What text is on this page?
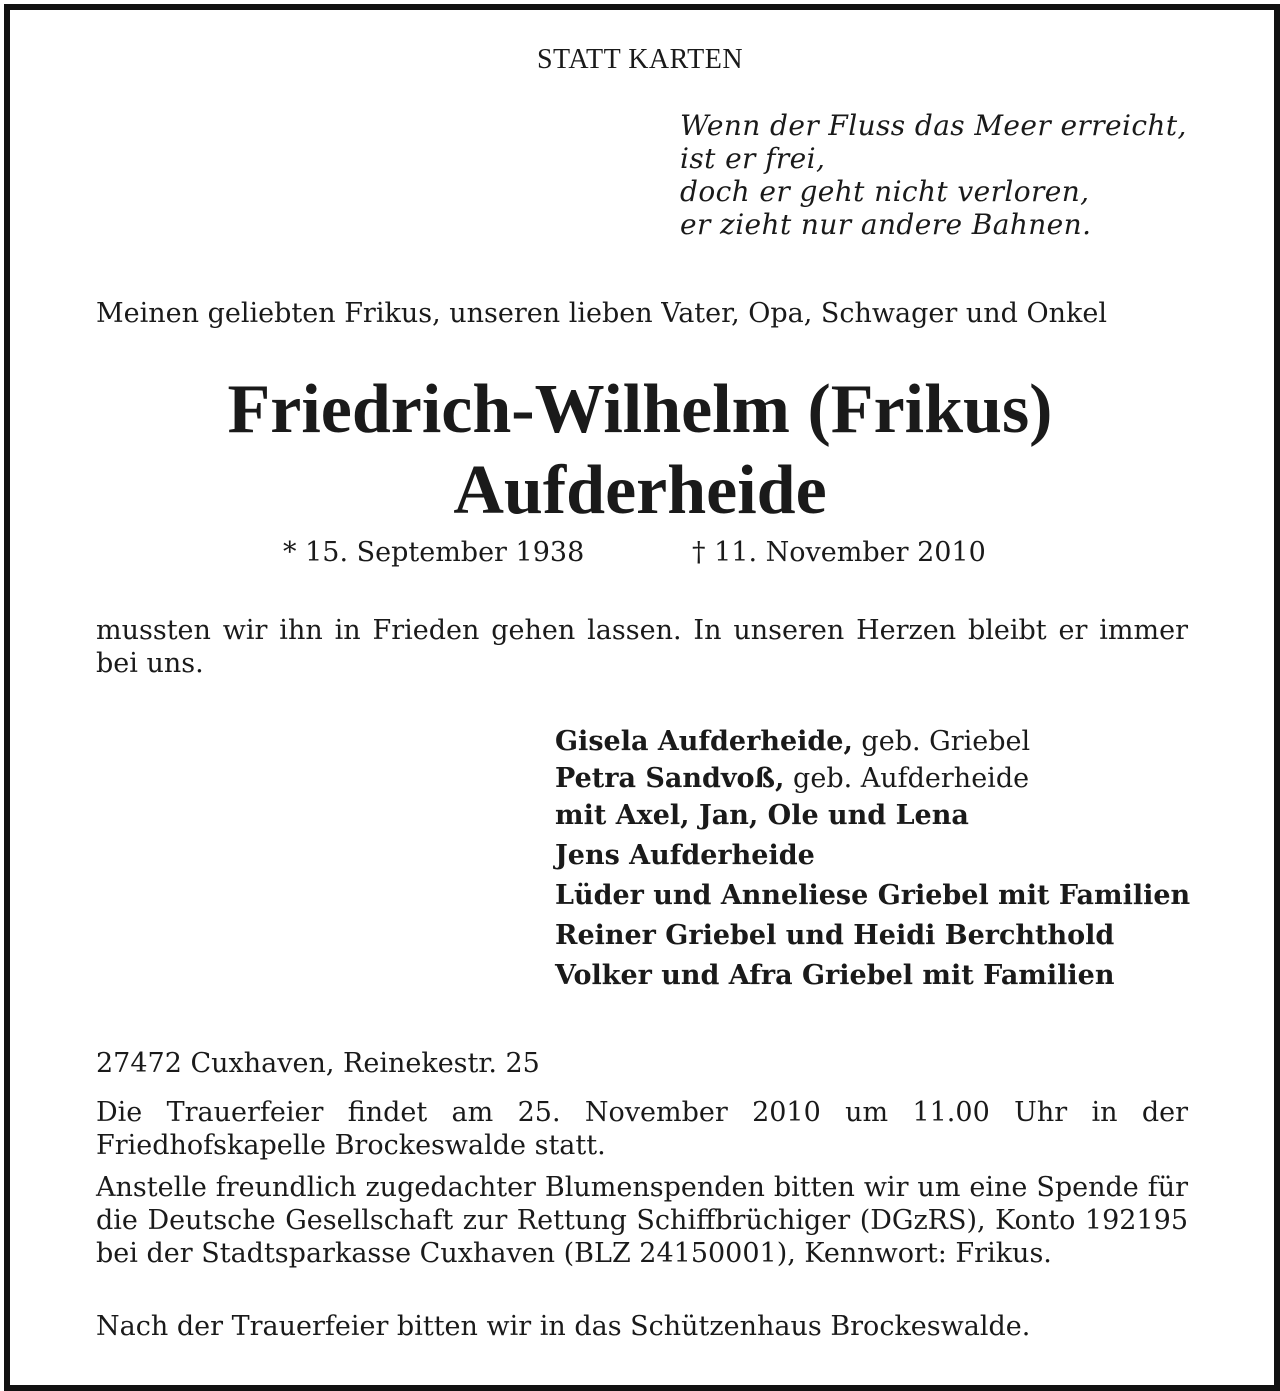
STATT KARTEN
Wenn der Fluss das Meer erreicht,
ist er frei,
doch er geht nicht verloren,
er zieht nur andere Bahnen.
Meinen geliebten Frikus, unseren lieben Vater, Opa, Schwager und Onkel
Friedrich-Wilhelm (Frikus)
Aufderheide
* 15. September 1938	† 11. November 2010
mussten wir ihn in Frieden gehen lassen. In unseren Herzen bleibt er immer bei uns.
Gisela Aufderheide, geb. Griebel
Petra Sandvoß, geb. Aufderheide
mit Axel, Jan, Ole und Lena
Jens Aufderheide
Lüder und Anneliese Griebel mit Familien
Reiner Griebel und Heidi Berchthold
Volker und Afra Griebel mit Familien
27472 Cuxhaven, Reinekestr. 25
Die Trauerfeier findet am 25. November 2010 um 11.00 Uhr in der Friedhofskapelle Brockeswalde statt.
Anstelle freundlich zugedachter Blumenspenden bitten wir um eine Spende für die Deutsche Gesellschaft zur Rettung Schiffbrüchiger (DGzRS), Konto 192195 bei der Stadtsparkasse Cuxhaven (BLZ 24150001), Kennwort: Frikus.
Nach der Trauerfeier bitten wir in das Schützenhaus Brockeswalde.
